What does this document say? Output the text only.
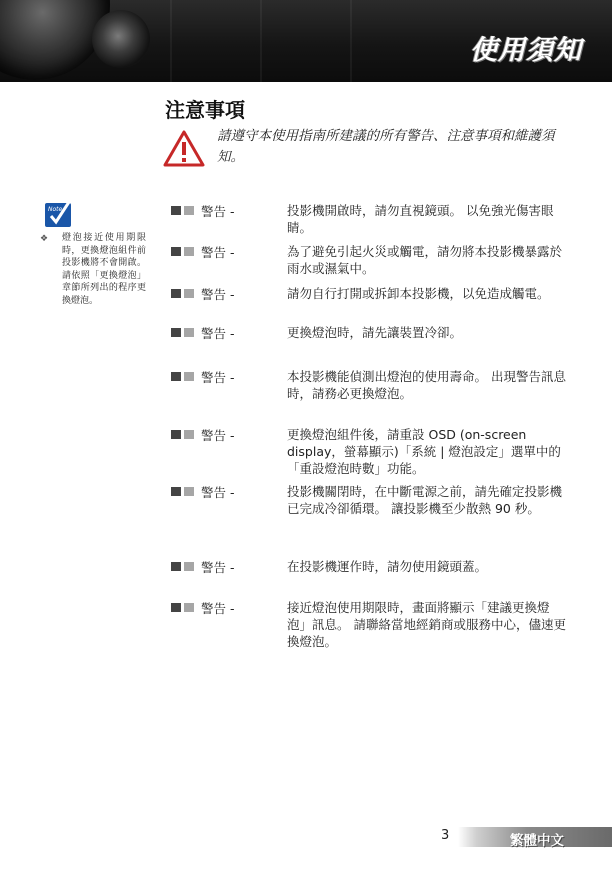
使用須知
注意事項
請遵守本使用指南所建議的所有警告、注意事項和維護須知。
Note
❖ 燈泡接近使用期限時，更換燈泡組件前投影機將不會開啟。 請依照「更換燈泡」章節所列出的程序更換燈泡。
警告 -	投影機開啟時，請勿直視鏡頭。 以免強光傷害眼睛。
警告 -	為了避免引起火災或觸電，請勿將本投影機暴露於雨水或濕氣中。
警告 -	請勿自行打開或拆卸本投影機，以免造成觸電。
警告 -	更換燈泡時，請先讓裝置冷卻。
警告 -	本投影機能偵測出燈泡的使用壽命。 出現警告訊息時，請務必更換燈泡。
警告 -	更換燈泡組件後，請重設 OSD (on-screen display，螢幕顯示)「系統 | 燈泡設定」選單中的「重設燈泡時數」功能。
警告 -	投影機關閉時，在中斷電源之前，請先確定投影機已完成冷卻循環。 讓投影機至少散熱 90 秒。
警告 -	在投影機運作時，請勿使用鏡頭蓋。
警告 -	接近燈泡使用期限時，畫面將顯示「建議更換燈泡」訊息。 請聯絡當地經銷商或服務中心，儘速更換燈泡。
3	繁體中文
